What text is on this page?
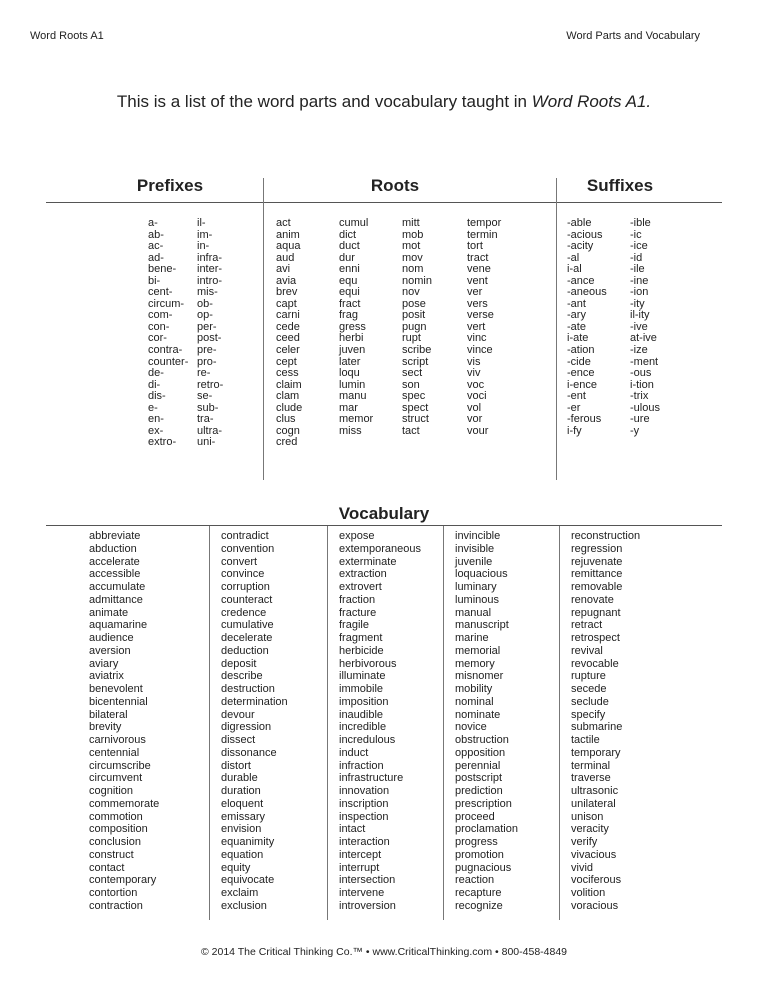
Word Roots A1	Word Parts and Vocabulary
This is a list of the word parts and vocabulary taught in Word Roots A1.
Prefixes	Roots	Suffixes
a-
ab-
ac-
ad-
bene-
bi-
cent-
circum-
com-
con-
cor-
contra-
counter-
de-
di-
dis-
e-
en-
ex-
extro-
il-
im-
in-
infra-
inter-
intro-
mis-
ob-
op-
per-
post-
pre-
pro-
re-
retro-
se-
sub-
tra-
ultra-
uni-
act
anim
aqua
aud
avi
avia
brev
capt
carni
cede
ceed
celer
cept
cess
claim
clam
clude
clus
cogn
cred
cumul
dict
duct
dur
enni
equ
equi
fract
frag
gress
herbi
juven
later
loqu
lumin
manu
mar
memor
miss
mitt
mob
mot
mov
nom
nomin
nov
pose
posit
pugn
rupt
scribe
script
sect
son
spec
spect
struct
tact
tempor
termin
tort
tract
vene
vent
ver
vers
verse
vert
vinc
vince
vis
viv
voc
voci
vol
vor
vour
-able
-acious
-acity
-al
i-al
-ance
-aneous
-ant
-ary
-ate
i-ate
-ation
-cide
-ence
i-ence
-ent
-er
-ferous
i-fy
-ible
-ic
-ice
-id
-ile
-ine
-ion
-ity
il-ity
-ive
at-ive
-ize
-ment
-ous
i-tion
-trix
-ulous
-ure
-y
Vocabulary
abbreviate
abduction
accelerate
accessible
accumulate
admittance
animate
aquamarine
audience
aversion
aviary
aviatrix
benevolent
bicentennial
bilateral
brevity
carnivorous
centennial
circumscribe
circumvent
cognition
commemorate
commotion
composition
conclusion
construct
contact
contemporary
contortion
contraction
contradict
convention
convert
convince
corruption
counteract
credence
cumulative
decelerate
deduction
deposit
describe
destruction
determination
devour
digression
dissect
dissonance
distort
durable
duration
eloquent
emissary
envision
equanimity
equation
equity
equivocate
exclaim
exclusion
expose
extemporaneous
exterminate
extraction
extrovert
fraction
fracture
fragile
fragment
herbicide
herbivorous
illuminate
immobile
imposition
inaudible
incredible
incredulous
induct
infraction
infrastructure
innovation
inscription
inspection
intact
interaction
intercept
interrupt
intersection
intervene
introversion
invincible
invisible
juvenile
loquacious
luminary
luminous
manual
manuscript
marine
memorial
memory
misnomer
mobility
nominal
nominate
novice
obstruction
opposition
perennial
postscript
prediction
prescription
proceed
proclamation
progress
promotion
pugnacious
reaction
recapture
recognize
reconstruction
regression
rejuvenate
remittance
removable
renovate
repugnant
retract
retrospect
revival
revocable
rupture
secede
seclude
specify
submarine
tactile
temporary
terminal
traverse
ultrasonic
unilateral
unison
veracity
verify
vivacious
vivid
vociferous
volition
voracious
© 2014 The Critical Thinking Co.™ • www.CriticalThinking.com • 800-458-4849
